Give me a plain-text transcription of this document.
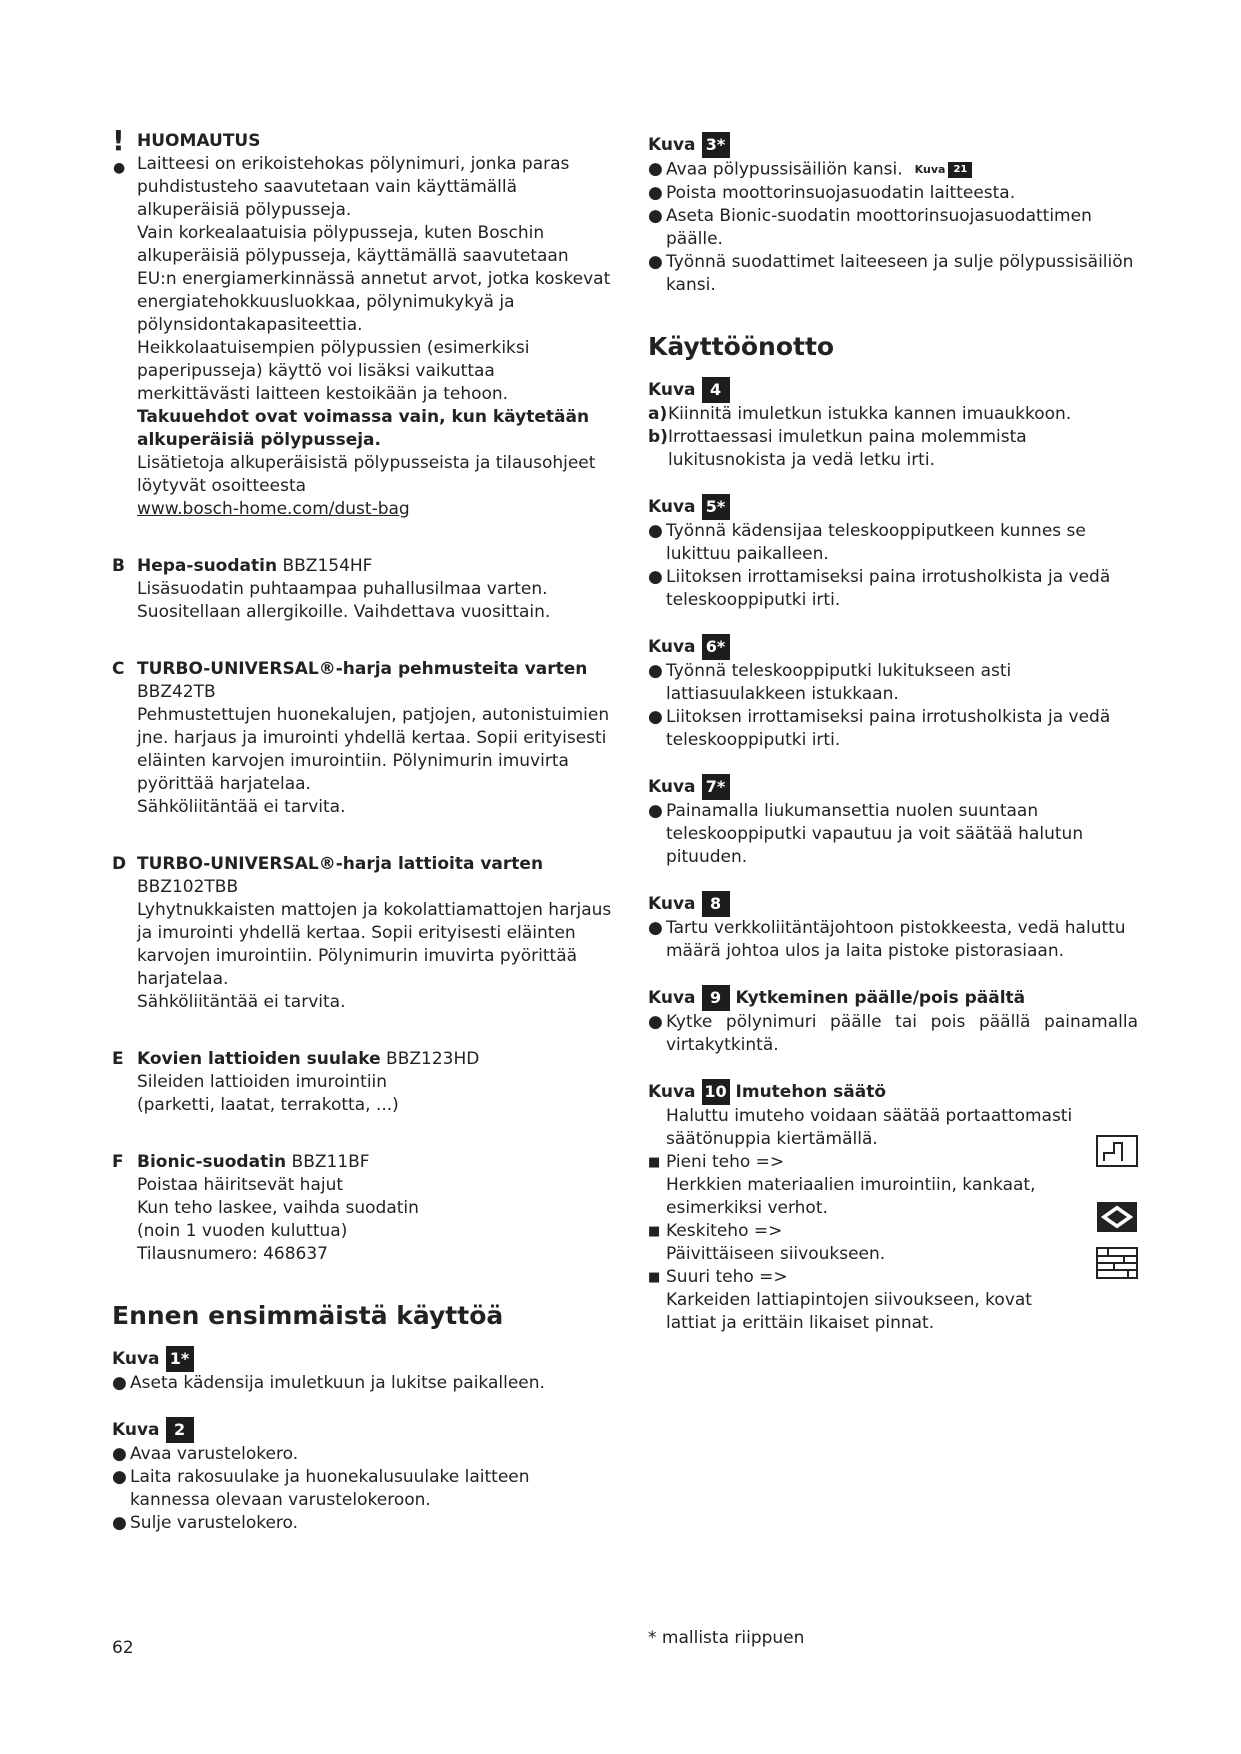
!
●

HUOMAUTUS

Laitteesi on erikoistehokas pölynimuri, jonka paras puhdistusteho saavutetaan vain käyttämällä alkuperäisiä pölypusseja.

Vain korkealaatuisia pölypusseja, kuten Boschin alkuperäisiä pölypusseja, käyttämällä saavutetaan EU:n energiamerkinnässä annetut arvot, jotka koskevat energiatehokkuusluokkaa, pölynimukykyä ja pölynsidontakapasiteettia.

Heikkolaatuisempien pölypussien (esimerkiksi paperipusseja) käyttö voi lisäksi vaikuttaa merkittävästi laitteen kestoikään ja tehoon.

Takuuehdot ovat voimassa vain, kun käytetään alkuperäisiä pölypusseja.

Lisätietoja alkuperäisistä pölypusseista ja tilausohjeet löytyvät osoitteesta

www.bosch-home.com/dust-bag

B Hepa-suodatin BBZ154HF

Lisäsuodatin puhtaampaa puhallusilmaa varten.

Suositellaan allergikoille. Vaihdettava vuosittain.

C TURBO-UNIVERSAL®-harja pehmusteita varten

BBZ42TB

Pehmustettujen huonekalujen, patjojen, autonistuimien jne. harjaus ja imurointi yhdellä kertaa. Sopii erityisesti eläinten karvojen imurointiin. Pölynimurin imuvirta pyörittää harjatelaa.

Sähköliitäntää ei tarvita.

D TURBO-UNIVERSAL®-harja lattioita varten

BBZ102TBB

Lyhytnukkaisten mattojen ja kokolattiamattojen harjaus ja imurointi yhdellä kertaa. Sopii erityisesti eläinten karvojen imurointiin. Pölynimurin imuvirta pyörittää harjatelaa.

Sähköliitäntää ei tarvita.

E Kovien lattioiden suulake BBZ123HD

Sileiden lattioiden imurointiin

(parketti, laatat, terrakotta, ...)

F Bionic-suodatin BBZ11BF

Poistaa häiritsevät hajut

Kun teho laskee, vaihda suodatin

(noin 1 vuoden kuluttua)

Tilausnumero: 468637

Ennen ensimmäistä käyttöä
Kuva 1*
● Aseta kädensija imuletkuun ja lukitse paikalleen.

Kuva 2
● Avaa varustelokero.

● Laita rakosuulake ja huonekalusuulake laitteen kannessa olevaan varustelokeroon.

● Sulje varustelokero.

Kuva 3*
● Avaa pölypussisäiliön kansi. Kuva 21

● Poista moottorinsuojasuodatin laitteesta.

● Aseta Bionic-suodatin moottorinsuojasuodattimen päälle.

● Työnnä suodattimet laiteeseen ja sulje pölypussisäiliön kansi.

Käyttöönotto
Kuva 4
a) Kiinnitä imuletkun istukka kannen imuaukkoon.

b) Irrottaessasi imuletkun paina molemmista lukitusnokista ja vedä letku irti.

Kuva 5*
● Työnnä kädensijaa teleskooppiputkeen kunnes se lukittuu paikalleen.

● Liitoksen irrottamiseksi paina irrotusholkista ja vedä teleskooppiputki irti.

Kuva 6*
● Työnnä teleskooppiputki lukitukseen asti lattiasuulakkeen istukkaan.

● Liitoksen irrottamiseksi paina irrotusholkista ja vedä teleskooppiputki irti.

Kuva 7*
● Painamalla liukumansettia nuolen suuntaan teleskooppiputki vapautuu ja voit säätää halutun pituuden.

Kuva 8
● Tartu verkkoliitäntäjohtoon pistokkeesta, vedä haluttu määrä johtoa ulos ja laita pistoke pistorasiaan.

Kuva 9 Kytkeminen päälle/pois päältä
● Kytke pölynimuri päälle tai pois päällä painamalla virtakytkintä.

Kuva 10 Imutehon säätö

Haluttu imuteho voidaan säätää portaattomasti säätönuppia kiertämällä.

■ Pieni teho =>

Herkkien materiaalien imurointiin, kankaat, esimerkiksi verhot.

■ Keskiteho =>

Päivittäiseen siivoukseen.

■ Suuri teho =>

Karkeiden lattiapintojen siivoukseen, kovat lattiat ja erittäin likaiset pinnat.

62	* mallista riippuen
